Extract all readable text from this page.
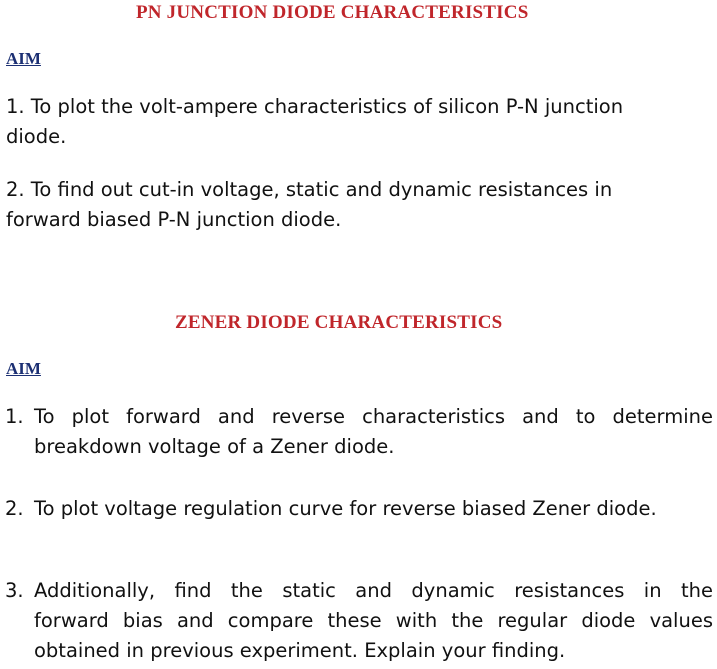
PN JUNCTION DIODE CHARACTERISTICS
AIM
1. To plot the volt-ampere characteristics of silicon P-N junction
diode.
2. To find out cut-in voltage, static and dynamic resistances in
forward biased P-N junction diode.
ZENER DIODE CHARACTERISTICS
AIM
1. To plot forward and reverse characteristics and to determine
breakdown voltage of a Zener diode.
2. To plot voltage regulation curve for reverse biased Zener diode.
3. Additionally, find the static and dynamic resistances in the
forward bias and compare these with the regular diode values
obtained in previous experiment. Explain your finding.
